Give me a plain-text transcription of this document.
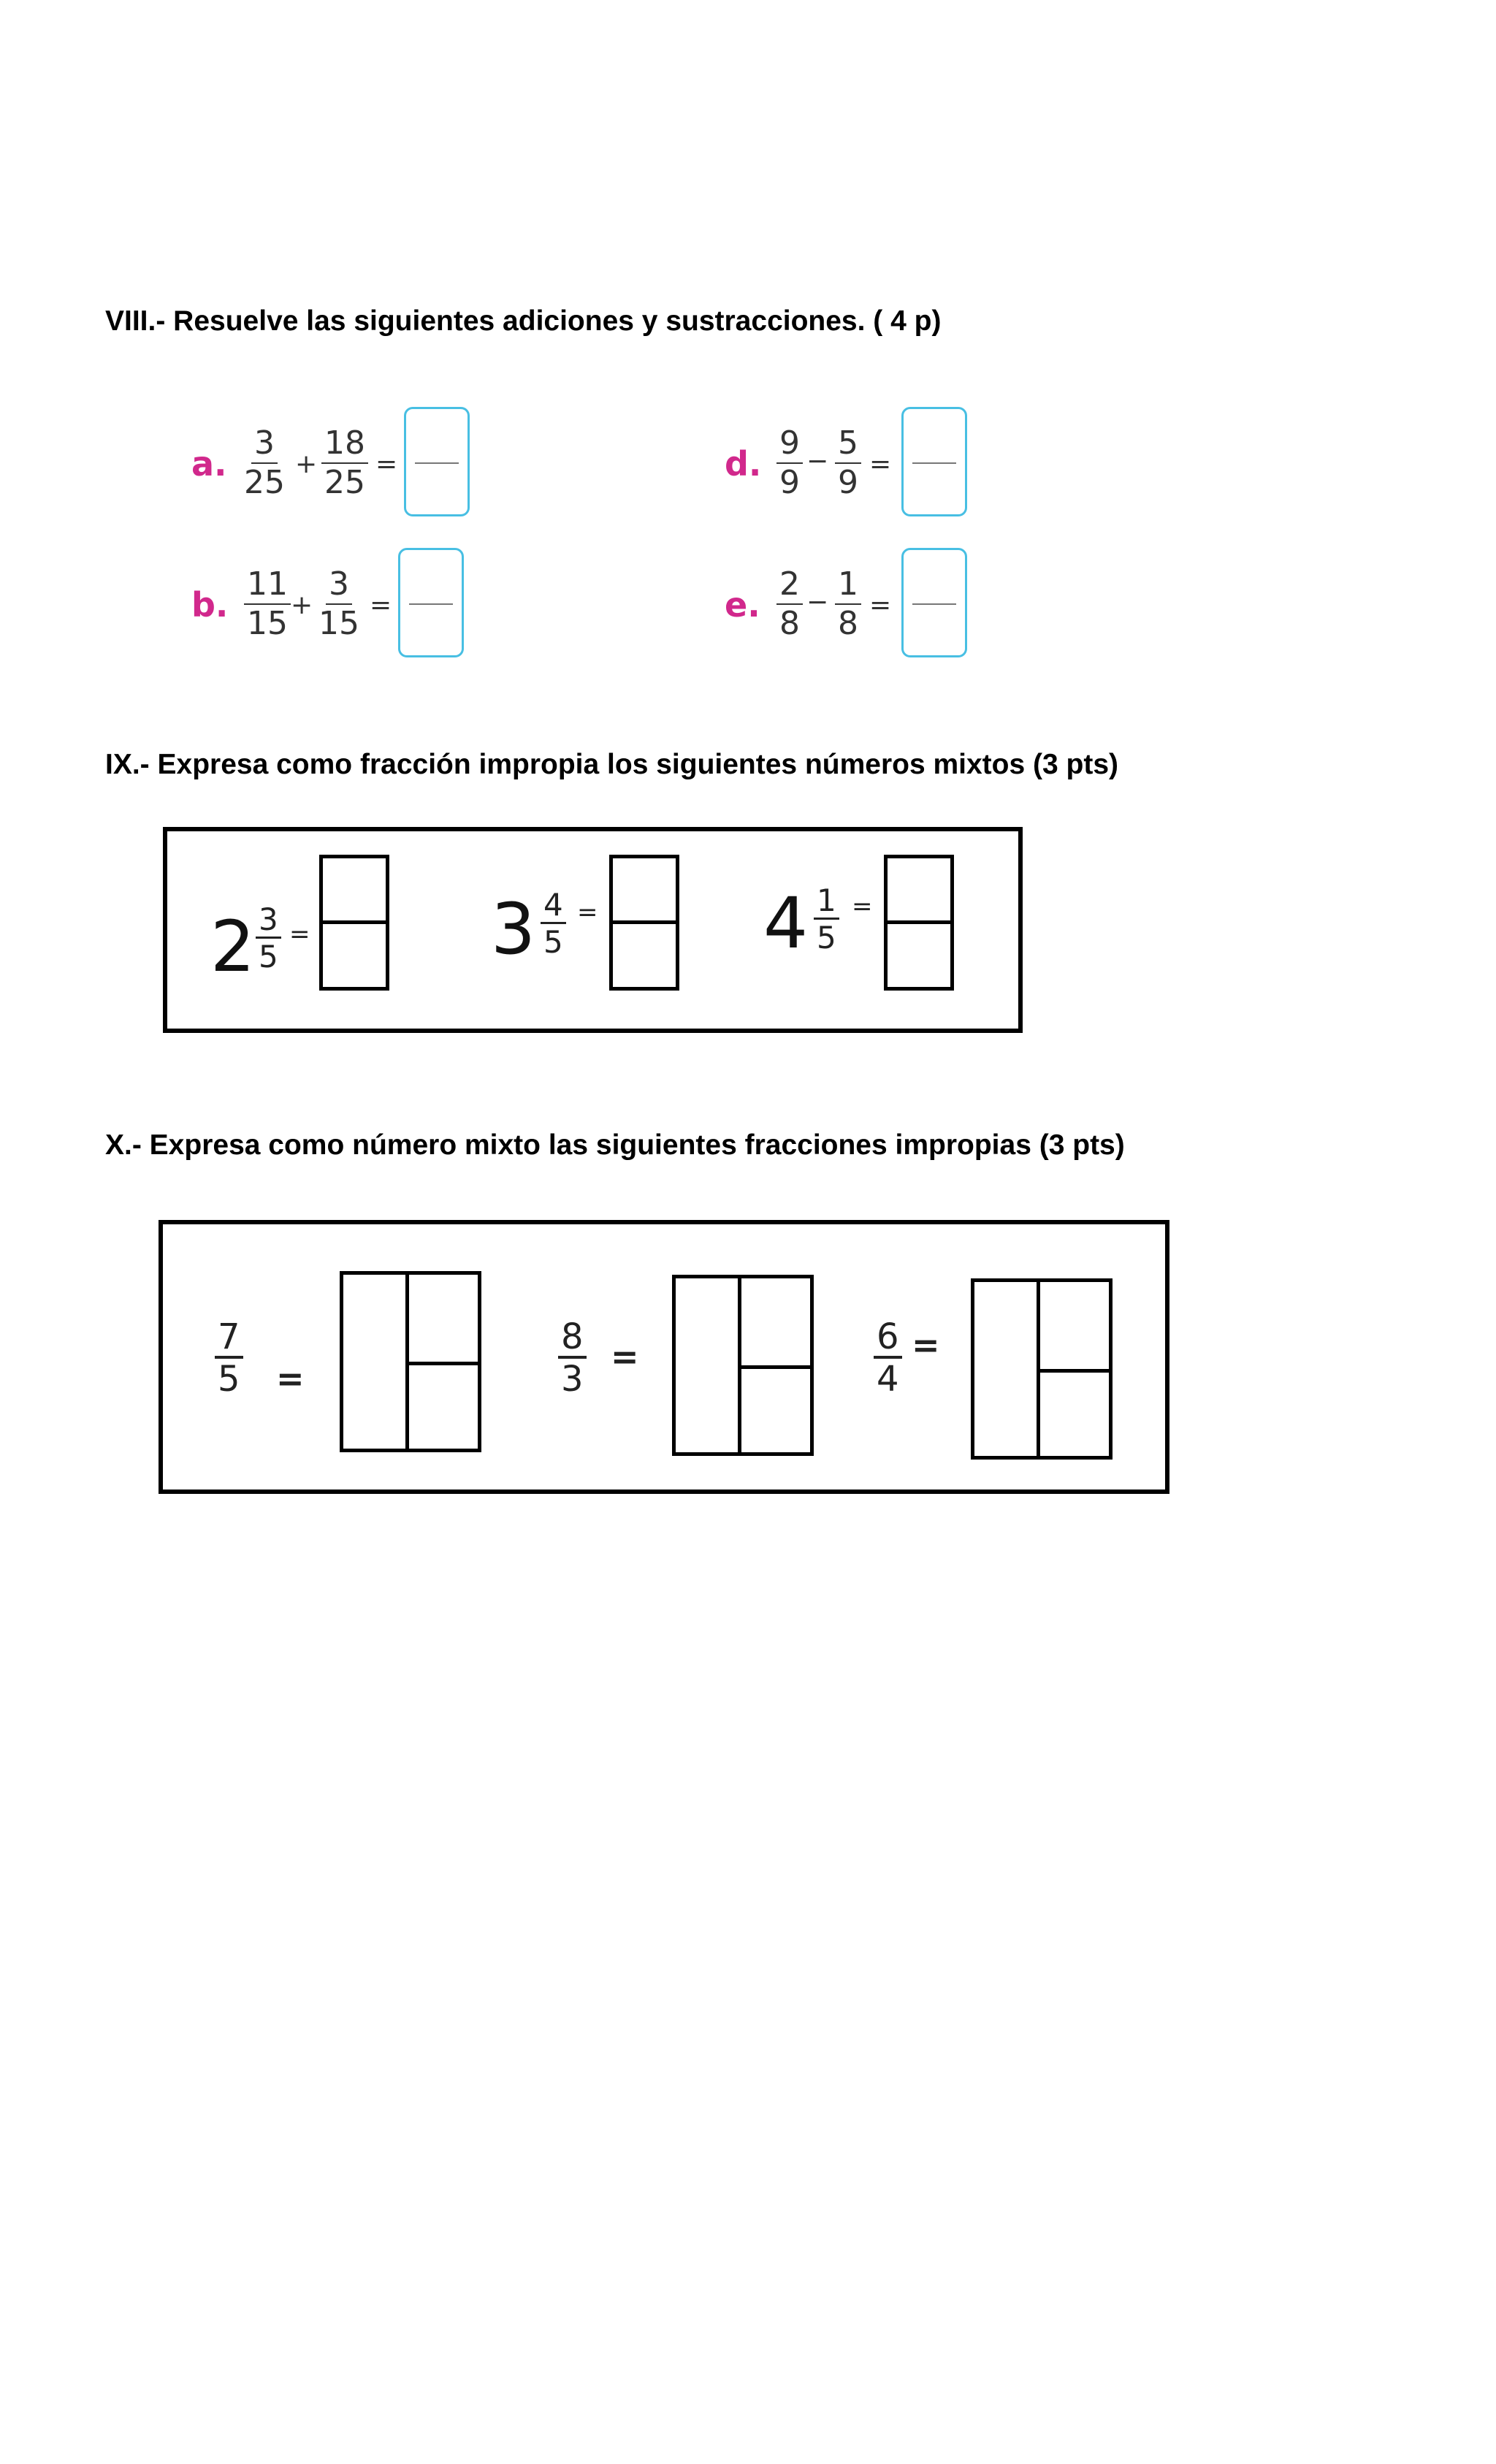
VIII.- Resuelve las siguientes adiciones y sustracciones. ( 4 p)
a. $\frac{3}{25} + \frac{18}{25}$ =
b. $\frac{11}{15} + \frac{3}{15}$ =
d. $\frac{9}{9} - \frac{5}{9}$ =
e. $\frac{2}{8} - \frac{1}{8}$ =
IX.- Expresa como fracción impropia los siguientes números mixtos (3 pts)
$2 \frac{3}{5}$ =	$3 \frac{4}{5} = 4 \frac{1}{5}$ =
X.- Expresa como número mixto las siguientes fracciones impropias (3 pts)
$\frac{7}{5}$ =	$\frac{8}{3}$ =	$\frac{6}{4}$ =
